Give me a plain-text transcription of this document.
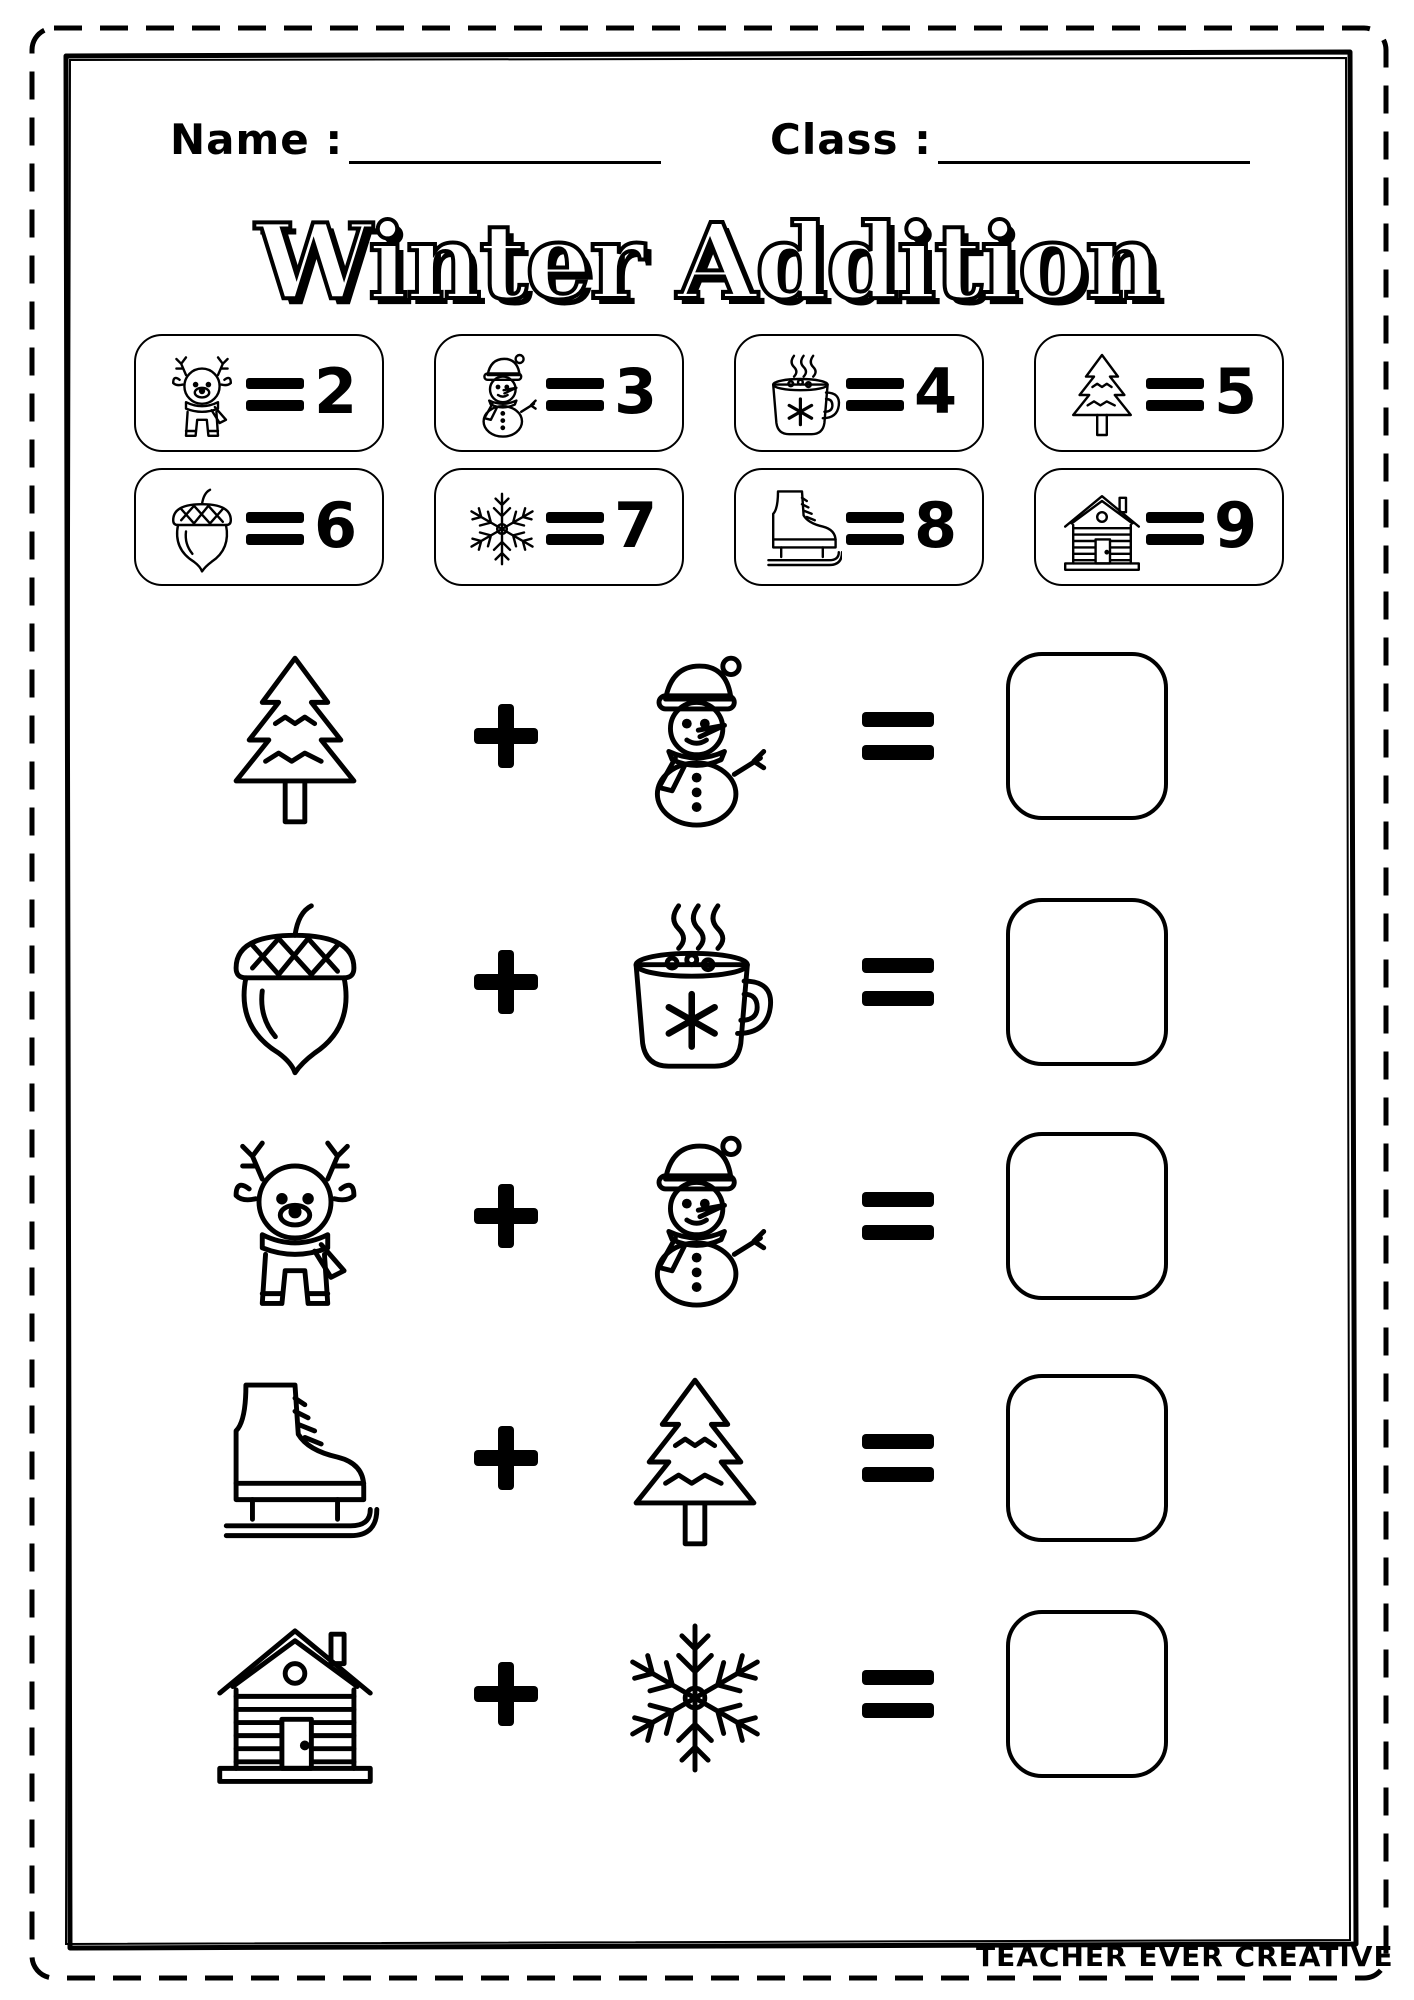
Name :	Class :
Winter Addition
2	3	4	5
6	7	8	9
TEACHER EVER CREATIVE
